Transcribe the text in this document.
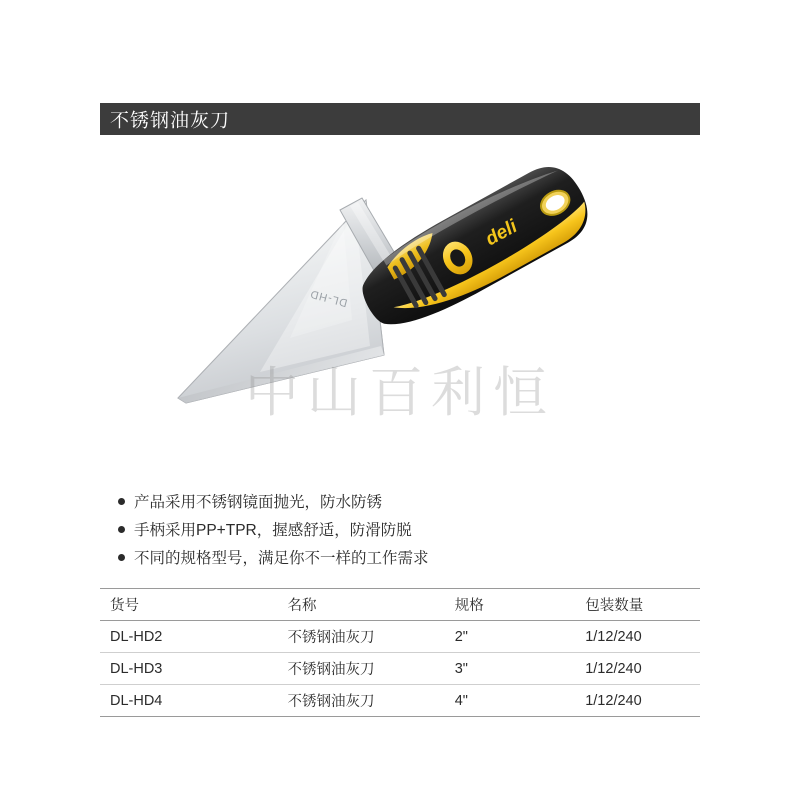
不锈钢油灰刀
DL-HD
deli
中山百利恒
产品采用不锈钢镜面抛光，防水防锈
手柄采用PP+TPR，握感舒适，防滑防脱
不同的规格型号，满足你不一样的工作需求
货号	名称	规格	包装数量
DL-HD2	不锈钢油灰刀	2"	1/12/240
DL-HD3	不锈钢油灰刀	3"	1/12/240
DL-HD4	不锈钢油灰刀	4"	1/12/240
